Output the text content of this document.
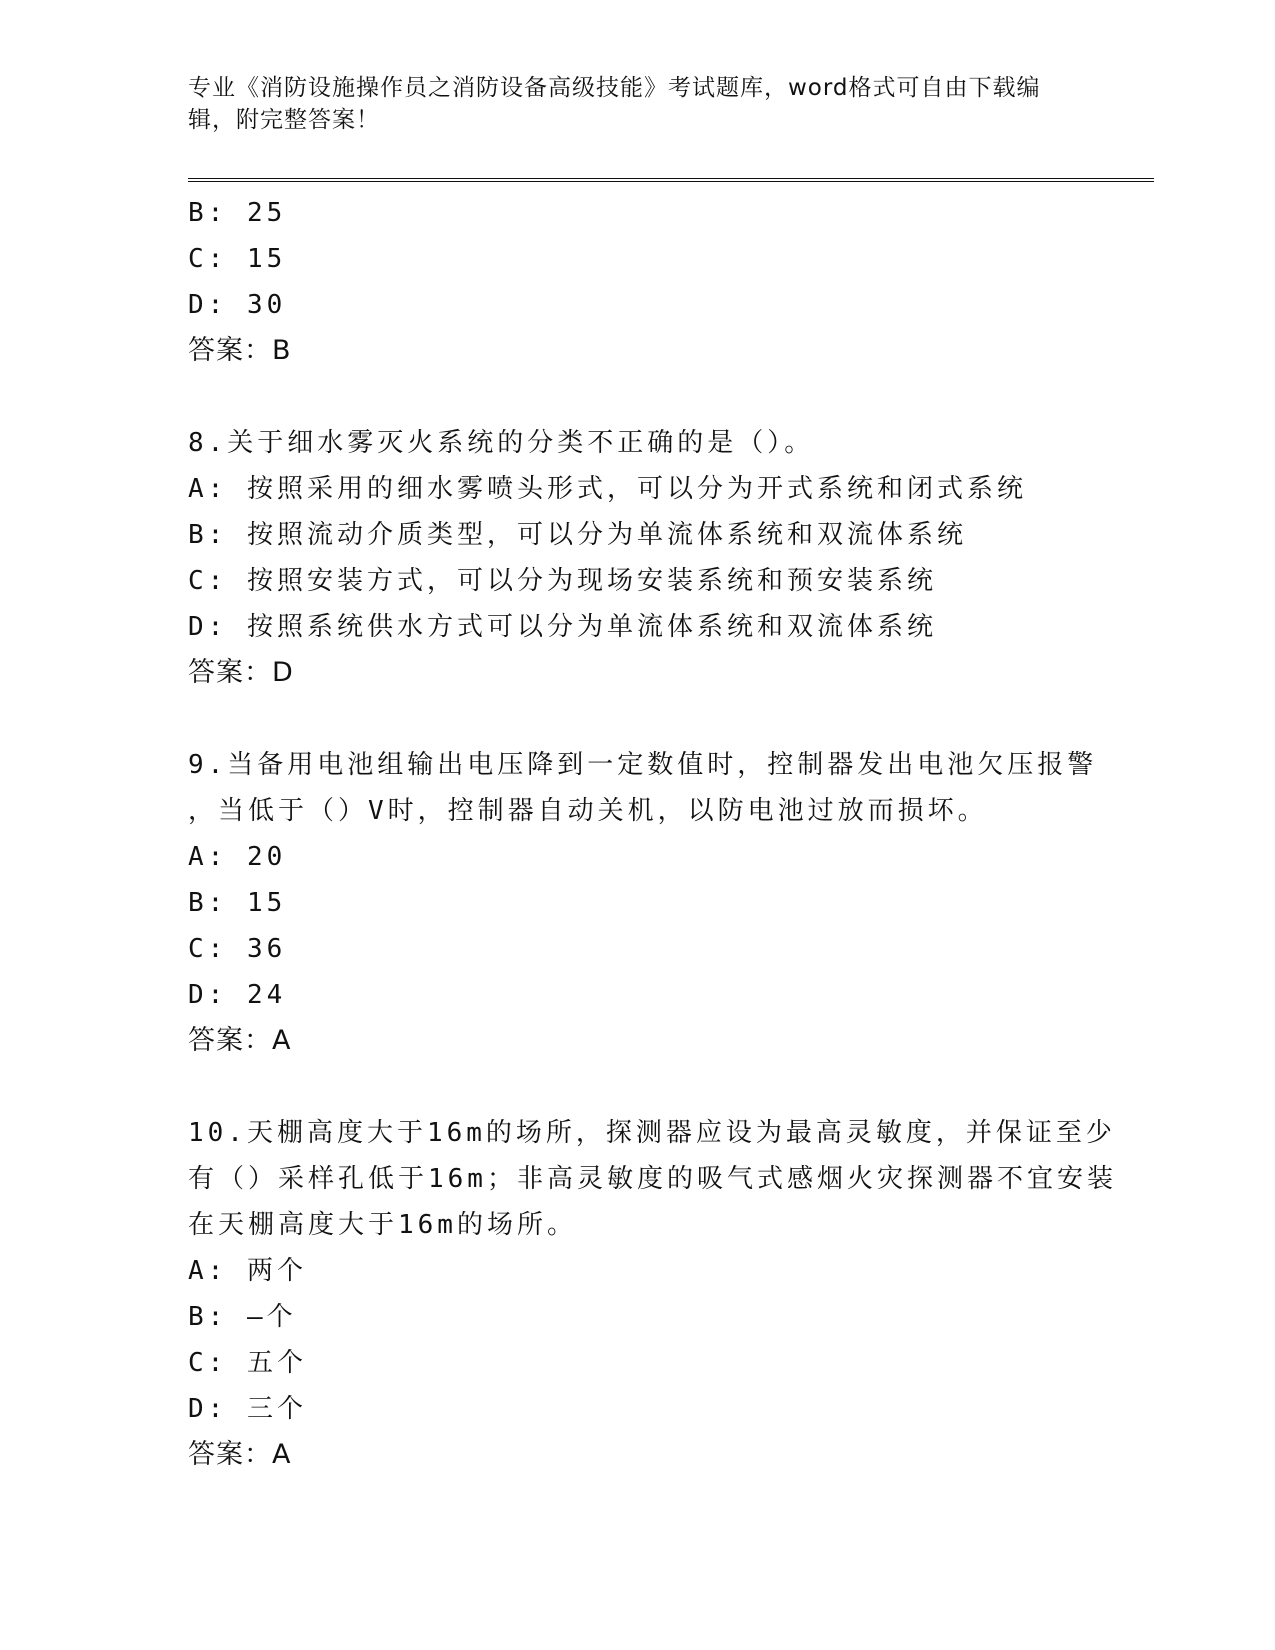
专业《消防设施操作员之消防设备高级技能》考试题库，word格式可自由下载编
辑，附完整答案！
B: 25
C: 15
D: 30
答案：B
8.关于细水雾灭火系统的分类不正确的是（）。
A: 按照采用的细水雾喷头形式，可以分为开式系统和闭式系统
B: 按照流动介质类型，可以分为单流体系统和双流体系统
C: 按照安装方式，可以分为现场安装系统和预安装系统
D: 按照系统供水方式可以分为单流体系统和双流体系统
答案：D
9.当备用电池组输出电压降到一定数值时，控制器发出电池欠压报警
，当低于（）V时，控制器自动关机，以防电池过放而损坏。
A: 20
B: 15
C: 36
D: 24
答案：A
10.天棚高度大于16m的场所，探测器应设为最高灵敏度，并保证至少
有（）采样孔低于16m；非高灵敏度的吸气式感烟火灾探测器不宜安装
在天棚高度大于16m的场所。
A: 两个
B: —个
C: 五个
D: 三个
答案：A
